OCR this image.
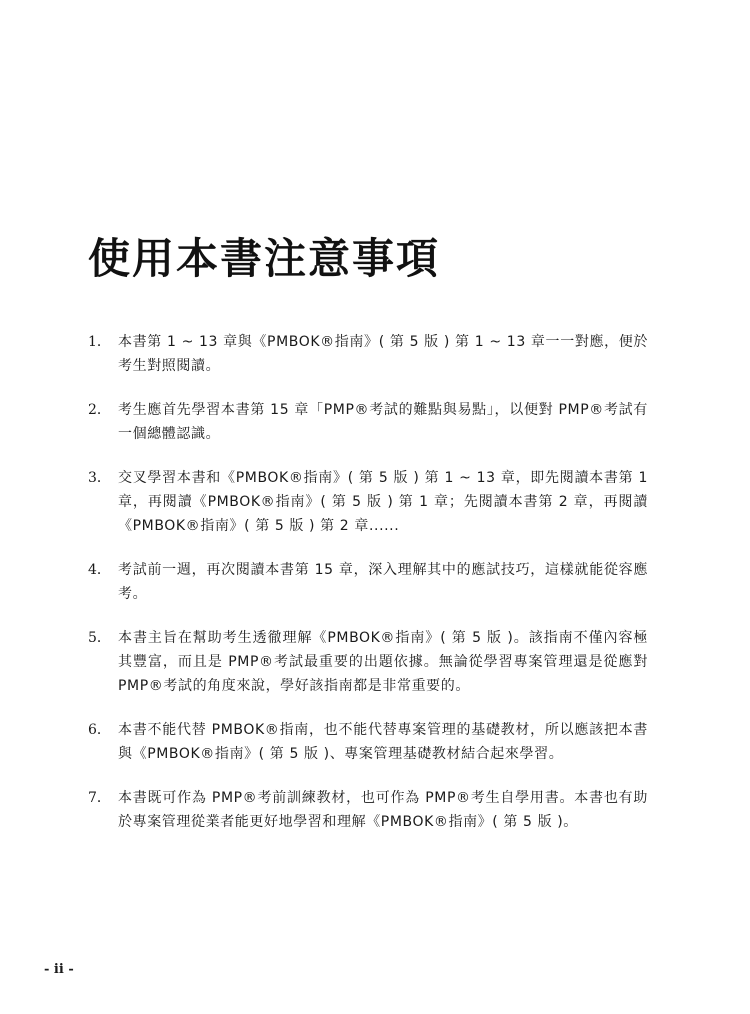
使用本書注意事項
1． 本書第 1 ~ 13 章與《PMBOK®指南》( 第 5 版 ) 第 1 ~ 13 章一一對應，便於考生對照閱讀。
2． 考生應首先學習本書第 15 章「PMP®考試的難點與易點」，以便對 PMP®考試有一個總體認識。
3． 交叉學習本書和《PMBOK®指南》( 第 5 版 ) 第 1 ~ 13 章，即先閱讀本書第 1 章，再閱讀《PMBOK®指南》( 第 5 版 ) 第 1 章；先閱讀本書第 2 章，再閱讀《PMBOK®指南》( 第 5 版 ) 第 2 章......
4． 考試前一週，再次閱讀本書第 15 章，深入理解其中的應試技巧，這樣就能從容應考。
5． 本書主旨在幫助考生透徹理解《PMBOK®指南》( 第 5 版 )。該指南不僅內容極其豐富，而且是 PMP®考試最重要的出題依據。無論從學習專案管理還是從應對 PMP®考試的角度來說，學好該指南都是非常重要的。
6． 本書不能代替 PMBOK®指南，也不能代替專案管理的基礎教材，所以應該把本書與《PMBOK®指南》( 第 5 版 )、專案管理基礎教材結合起來學習。
7． 本書既可作為 PMP®考前訓練教材，也可作為 PMP®考生自學用書。本書也有助於專案管理從業者能更好地學習和理解《PMBOK®指南》( 第 5 版 )。
- ii -
